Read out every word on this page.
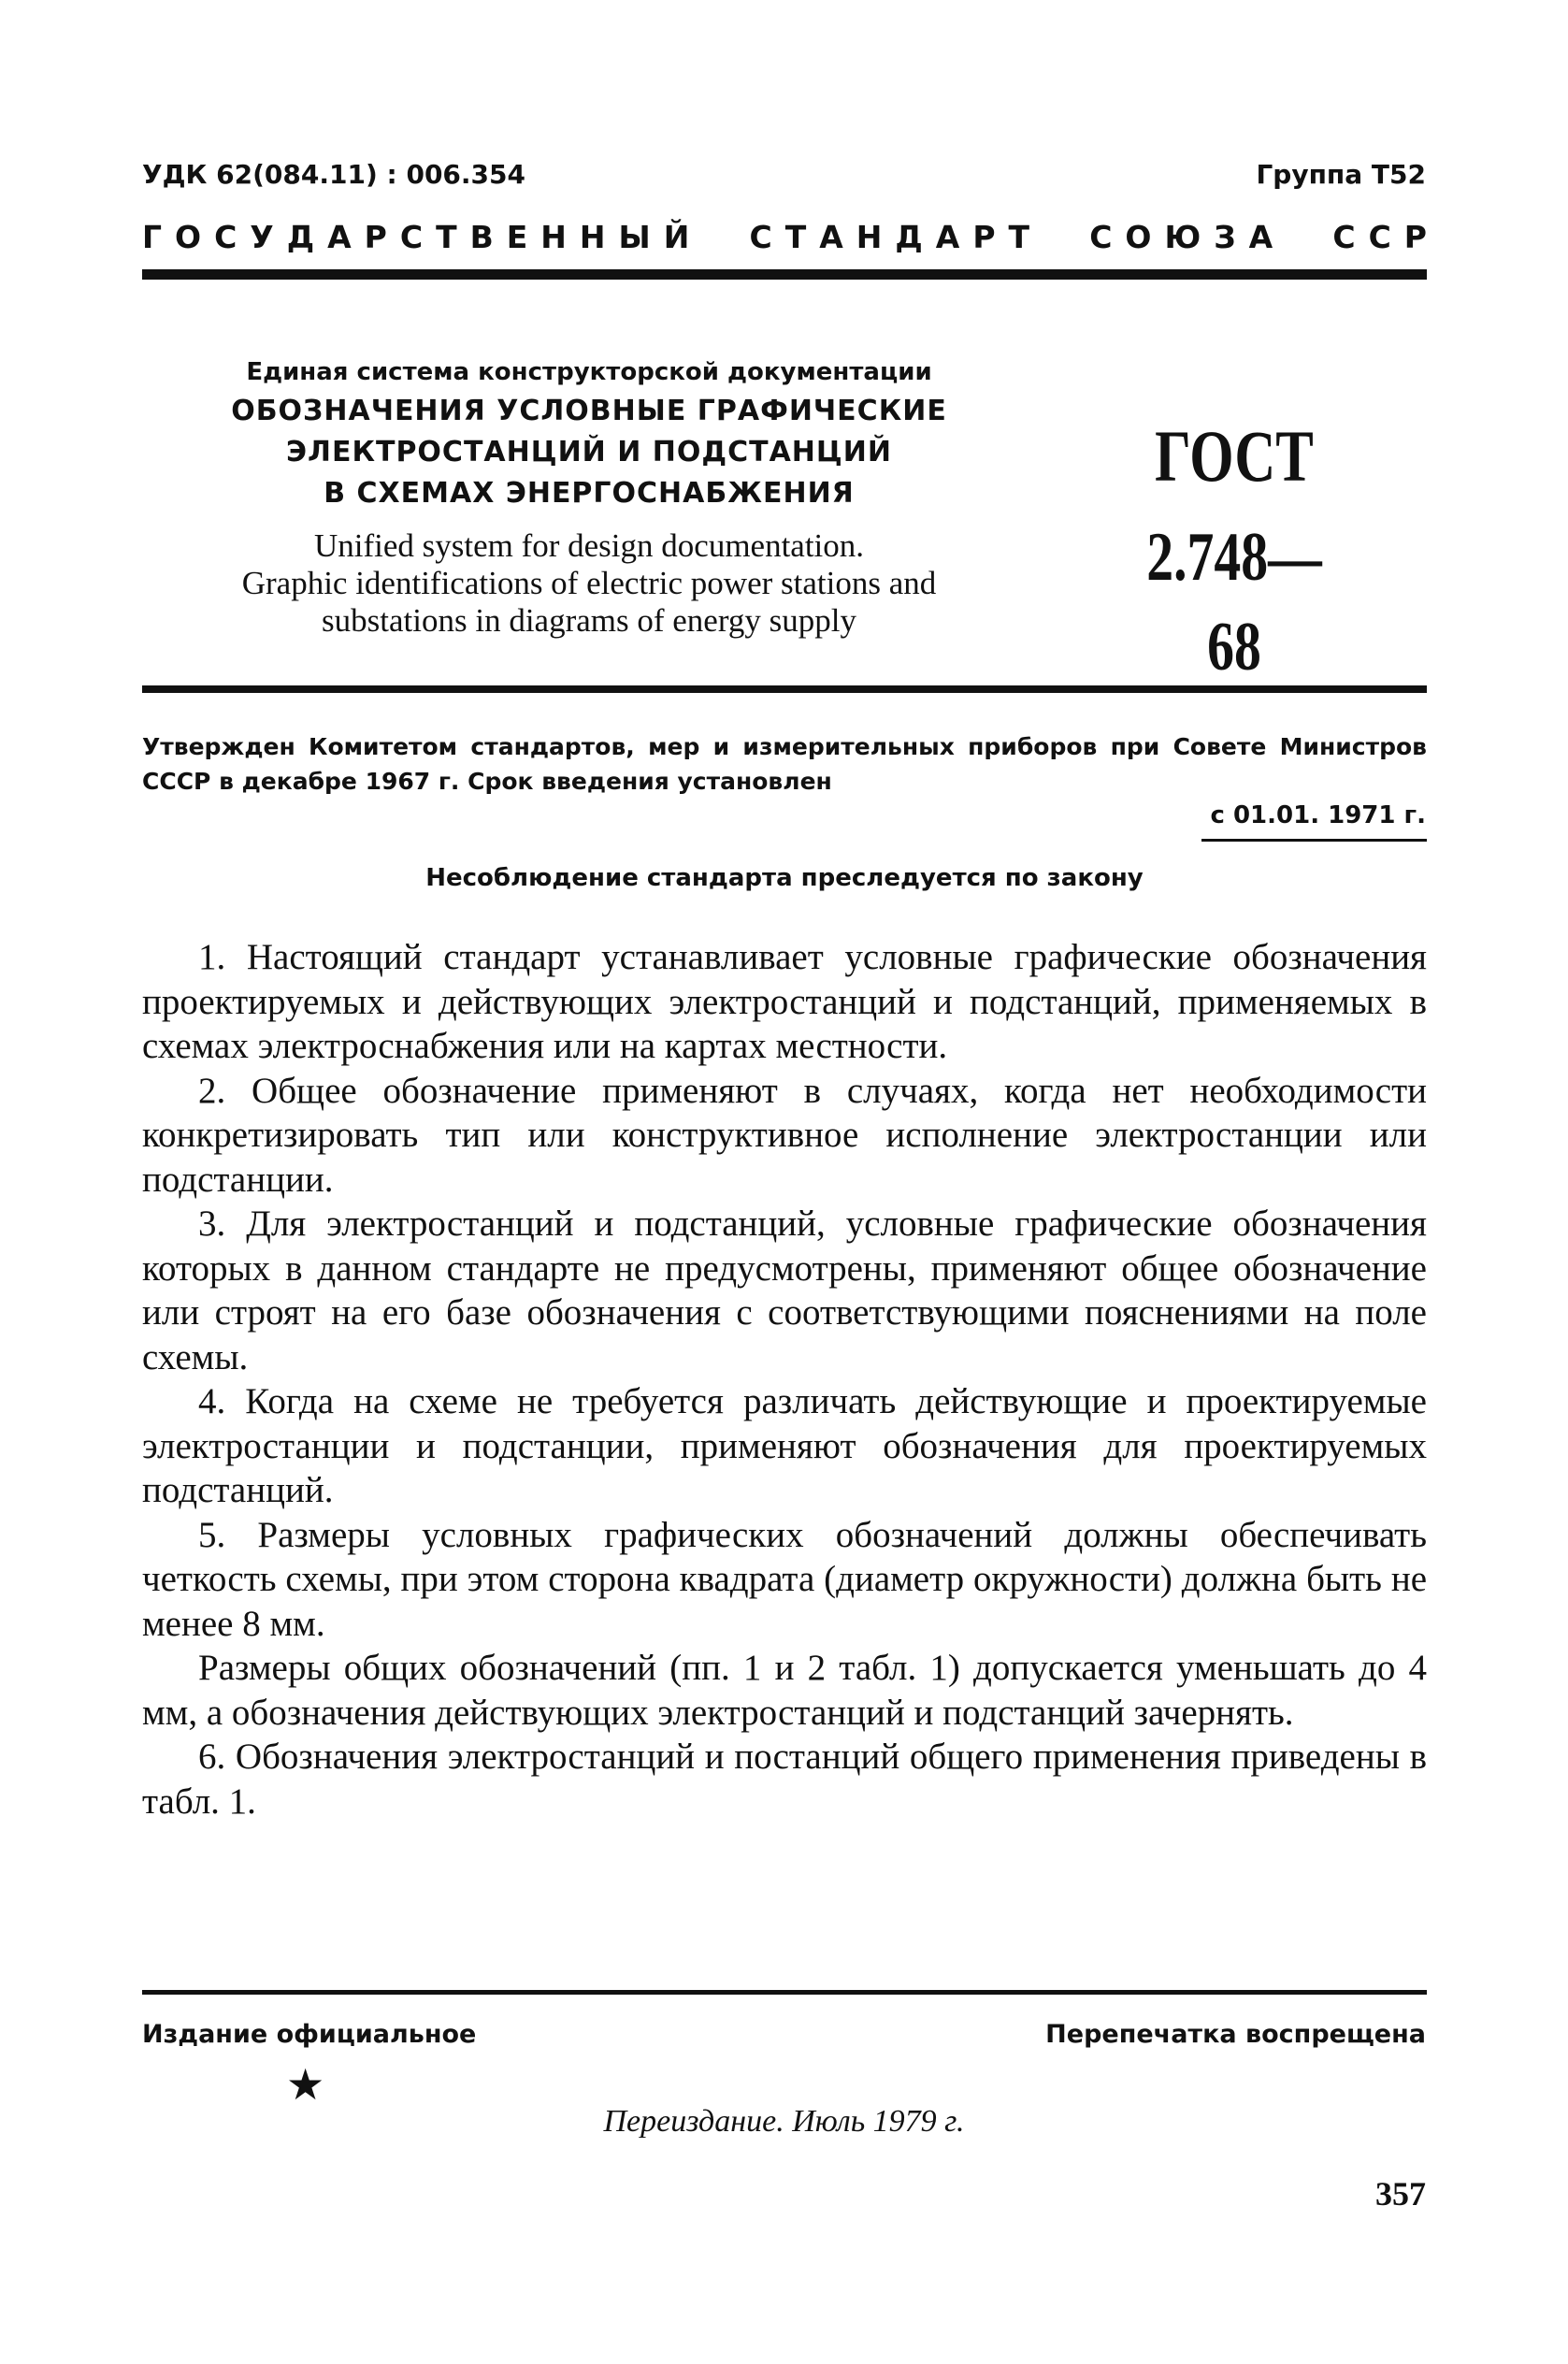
УДК 62(084.11) : 006.354	Группа Т52
ГОСУДАРСТВЕННЫЙ СТАНДАРТ СОЮЗА ССР
Единая система конструкторской документации
ОБОЗНАЧЕНИЯ УСЛОВНЫЕ ГРАФИЧЕСКИЕ
ЭЛЕКТРОСТАНЦИЙ И ПОДСТАНЦИЙ
В СХЕМАХ ЭНЕРГОСНАБЖЕНИЯ
Unified system for design documentation.
Graphic identifications of electric power stations and
substations in diagrams of energy supply
ГОСТ
2.748—68
Утвержден Комитетом стандартов, мер и измерительных приборов при Совете Министров СССР в декабре 1967 г. Срок введения установлен
с 01.01. 1971 г.
Несоблюдение стандарта преследуется по закону

1. Настоящий стандарт устанавливает условные графические обозначения проектируемых и действующих электростанций и подстанций, применяемых в схемах электроснабжения или на картах местности.

2. Общее обозначение применяют в случаях, когда нет необходимости конкретизировать тип или конструктивное исполнение электростанции или подстанции.

3. Для электростанций и подстанций, условные графические обозначения которых в данном стандарте не предусмотрены, применяют общее обозначение или строят на его базе обозначения с соответствующими пояснениями на поле схемы.

4. Когда на схеме не требуется различать действующие и проектируемые электростанции и подстанции, применяют обозначения для проектируемых подстанций.

5. Размеры условных графических обозначений должны обеспечивать четкость схемы, при этом сторона квадрата (диаметр окружности) должна быть не менее 8 мм.

Размеры общих обозначений (пп. 1 и 2 табл. 1) допускается уменьшать до 4 мм, а обозначения действующих электростанций и подстанций зачернять.

6. Обозначения электростанций и постанций общего применения приведены в табл. 1.

Издание официальное	Перепечатка воспрещена
★
Переиздание. Июль 1979 г.
357
